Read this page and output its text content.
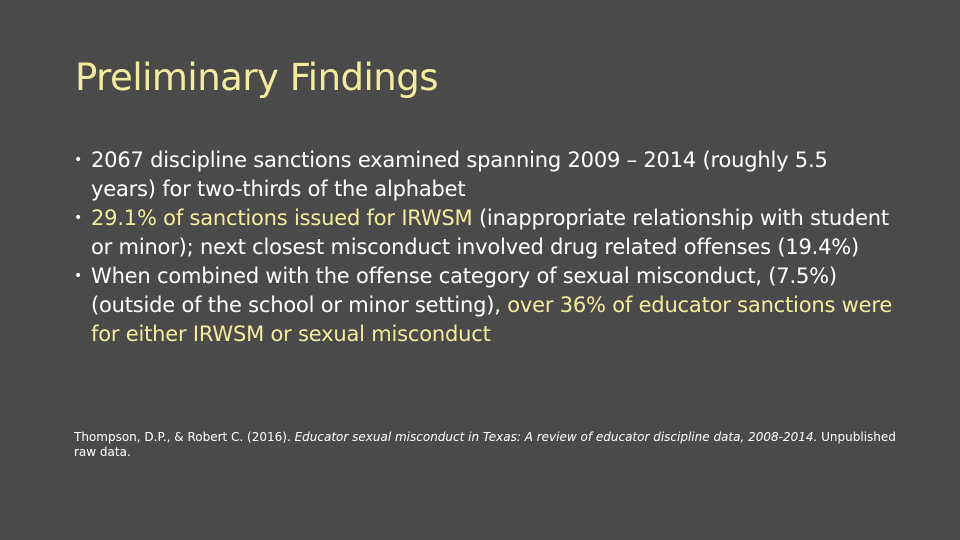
Preliminary Findings
• 2067 discipline sanctions examined spanning 2009 – 2014 (roughly 5.5 years) for two-thirds of the alphabet
• 29.1% of sanctions issued for IRWSM (inappropriate relationship with student or minor); next closest misconduct involved drug related offenses (19.4%)
• When combined with the offense category of sexual misconduct, (7.5%) (outside of the school or minor setting), over 36% of educator sanctions were for either IRWSM or sexual misconduct
Thompson, D.P., & Robert C. (2016). Educator sexual misconduct in Texas: A review of educator discipline data, 2008-2014. Unpublished raw data.
